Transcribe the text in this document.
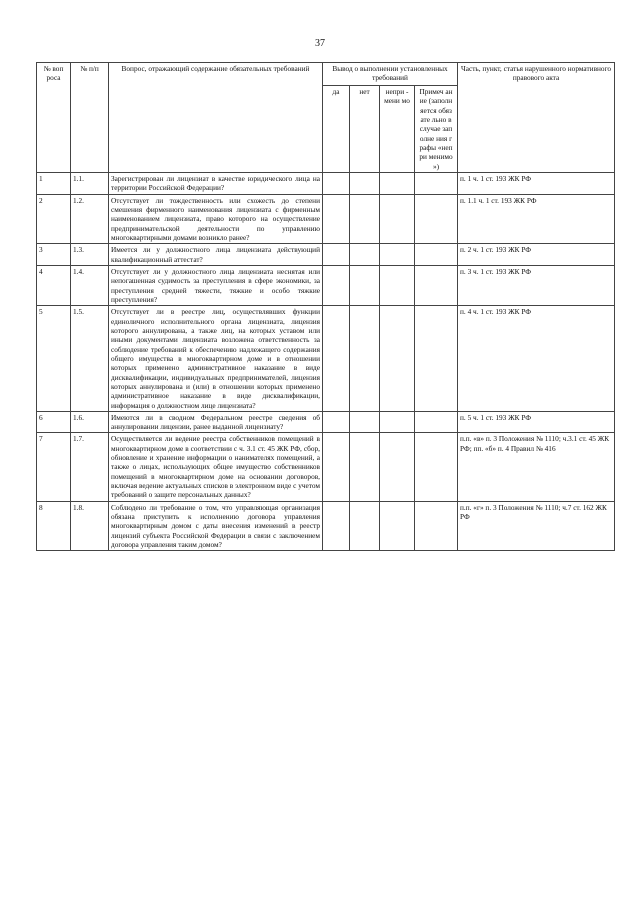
37
№ воп роса	№ п/п	Вопрос, отражающий содержание обязательных требований	Вывод о выполнении установленных требований				Часть, пункт, статья нарушенного нормативного правового акта
			да	нет	непри - мени мо	Примеч ание (заполн яется обязате льно в случае заполне ния графы «непри менимо »)	
1	1.1.	Зарегистрирован ли лицензиат в качестве юридического лица на территории Российской Федерации?					п. 1 ч. 1 ст. 193 ЖК РФ
2	1.2.	Отсутствует ли тождественность или схожесть до степени смешения фирменного наименования лицензиата с фирменным наименованием лицензиата, право которого на осуществление предпринимательской деятельности по управлению многоквартирными домами возникло ранее?					п. 1.1 ч. 1 ст. 193 ЖК РФ
3	1.3.	Имеется ли у должностного лица лицензиата действующий квалификационный аттестат?					п. 2 ч. 1 ст. 193 ЖК РФ
4	1.4.	Отсутствует ли у должностного лица лицензиата неснятая или непогашенная судимость за преступления в сфере экономики, за преступления средней тяжести, тяжкие и особо тяжкие преступления?					п. 3 ч. 1 ст. 193 ЖК РФ
5	1.5.	Отсутствует ли в реестре лиц, осуществлявших функции единоличного исполнительного органа лицензиата, лицензия которого аннулирована, а также лиц, на которых уставом или иными документами лицензиата возложена ответственность за соблюдение требований к обеспечению надлежащего содержания общего имущества в многоквартирном доме и в отношении которых применено административное наказание в виде дисквалификации, индивидуальных предпринимателей, лицензия которых аннулирована и (или) в отношении которых применено административное наказание в виде дисквалификации, информация о должностном лице лицензиата?					п. 4 ч. 1 ст. 193 ЖК РФ
6	1.6.	Имеются ли в сводном Федеральном реестре сведения об аннулировании лицензии, ранее выданной лицензиату?					п. 5 ч. 1 ст. 193 ЖК РФ
7	1.7.	Осуществляется ли ведение реестра собственников помещений в многоквартирном доме в соответствии с ч. 3.1 ст. 45 ЖК РФ, сбор, обновление и хранение информации о нанимателях помещений, а также о лицах, использующих общее имущество собственников помещений в многоквартирном доме на основании договоров, включая ведение актуальных списков в электронном виде с учетом требований о защите персональных данных?					п.п. «в» п. 3 Положения № 1110; ч.3.1 ст. 45 ЖК РФ; пп. «б» п. 4 Правил № 416
8	1.8.	Соблюдено ли требование о том, что управляющая организация обязана приступить к исполнению договора управления многоквартирным домом с даты внесения изменений в реестр лицензий субъекта Российской Федерации в связи с заключением договора управления таким домом?					п.п. «г» п. 3 Положения № 1110; ч.7 ст. 162 ЖК РФ
